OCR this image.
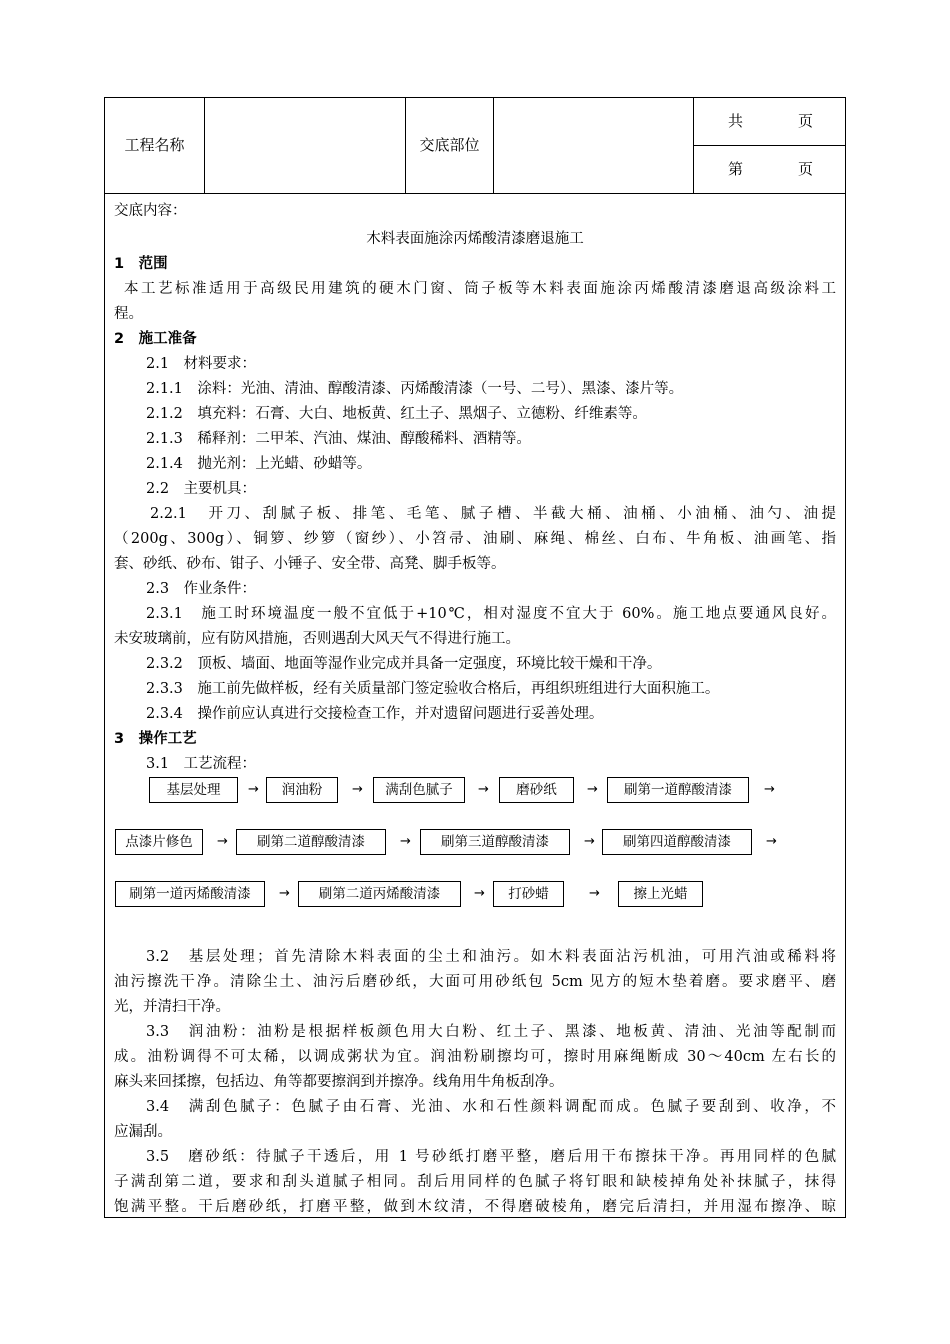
工程名称	交底部位
共	页
第	页
交底内容：
木料表面施涂丙烯酸清漆磨退施工
1　范围
本工艺标准适用于高级民用建筑的硬木门窗、筒子板等木料表面施涂丙烯酸清漆磨退高级涂料工
程。
2　施工准备
2.1　材料要求：
2.1.1　涂料：光油、清油、醇酸清漆、丙烯酸清漆（一号、二号）、黑漆、漆片等。
2.1.2　填充料：石膏、大白、地板黄、红土子、黑烟子、立德粉、纤维素等。
2.1.3　稀释剂：二甲苯、汽油、煤油、醇酸稀料、酒精等。
2.1.4　抛光剂：上光蜡、砂蜡等。
2.2　主要机具：
2.2.1　开刀、刮腻子板、排笔、毛笔、腻子槽、半截大桶、油桶、小油桶、油勺、油提
（200g、300g）、铜箩、纱箩（窗纱）、小笤帚、油刷、麻绳、棉丝、白布、牛角板、油画笔、指
套、砂纸、砂布、钳子、小锤子、安全带、高凳、脚手板等。
2.3　作业条件：
2.3.1　施工时环境温度一般不宜低于+10℃，相对湿度不宜大于 60%。施工地点要通风良好。
未安玻璃前，应有防风措施，否则遇刮大风天气不得进行施工。
2.3.2　顶板、墙面、地面等湿作业完成并具备一定强度，环境比较干燥和干净。
2.3.3　施工前先做样板，经有关质量部门签定验收合格后，再组织班组进行大面积施工。
2.3.4　操作前应认真进行交接检查工作，并对遗留问题进行妥善处理。
3　操作工艺
3.1　工艺流程：
基层处理	→	润油粉	→	满刮色腻子	→	磨砂纸	→	刷第一道醇酸清漆	→
点漆片修色	→	刷第二道醇酸清漆	→	刷第三道醇酸清漆	→	刷第四道醇酸清漆	→
刷第一道丙烯酸清漆	→	刷第二道丙烯酸清漆	→	打砂蜡	→	擦上光蜡
3.2　基层处理；首先清除木料表面的尘土和油污。如木料表面沾污机油，可用汽油或稀料将
油污擦洗干净。清除尘土、油污后磨砂纸，大面可用砂纸包 5cm 见方的短木垫着磨。要求磨平、磨
光，并清扫干净。
3.3　润油粉：油粉是根据样板颜色用大白粉、红土子、黑漆、地板黄、清油、光油等配制而
成。油粉调得不可太稀，以调成粥状为宜。润油粉刷擦均可，擦时用麻绳断成 30～40cm 左右长的
麻头来回揉擦，包括边、角等都要擦润到并擦净。线角用牛角板刮净。
3.4　满刮色腻子：色腻子由石膏、光油、水和石性颜料调配而成。色腻子要刮到、收净，不
应漏刮。
3.5　磨砂纸：待腻子干透后，用 1 号砂纸打磨平整，磨后用干布擦抹干净。再用同样的色腻
子满刮第二道，要求和刮头道腻子相同。刮后用同样的色腻子将钉眼和缺棱掉角处补抹腻子，抹得
饱满平整。干后磨砂纸，打磨平整，做到木纹清，不得磨破棱角，磨完后清扫，并用湿布擦净、晾
